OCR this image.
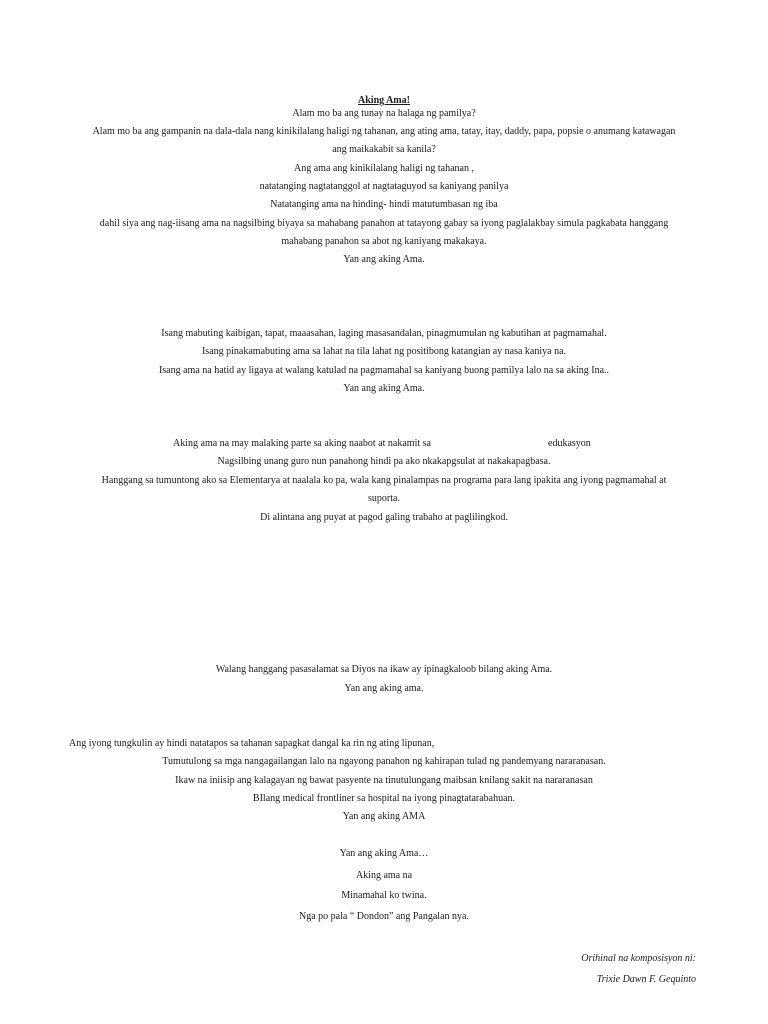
Aking Ama!
Alam mo ba ang tunay na halaga ng pamilya?
Alam mo ba ang gampanin na dala-dala nang kinikilalang haligi ng tahanan, ang ating ama, tatay, itay, daddy, papa, popsie o anumang katawagan
ang maikakabit sa kanila?
Ang ama ang kinikilalang haligi ng tahanan ,
natatanging nagtatanggol at nagtataguyod sa kaniyang panilya
Natatanging ama na hinding- hindi matutumbasan ng iba
dahil siya ang nag-iisang ama na nagsilbing biyaya sa mahabang panahon at tatayong gabay sa iyong paglalakbay simula pagkabata hanggang
mahabang panahon sa abot ng kaniyang makakaya.
Yan ang aking Ama.
Isang mabuting kaibigan, tapat, maaasahan, laging masasandalan, pinagmumulan ng kabutihan at pagmamahal.
Isang pinakamabuting ama sa lahat na tila lahat ng positibong katangian ay nasa kaniya na.
Isang ama na hatid ay ligaya at walang katulad na pagmamahal sa kaniyang buong pamilya lalo na sa aking Ina..
Yan ang aking Ama.
Aking ama na may malaking parte sa aking naabot at nakamit sa	edukasyon
Nagsilbing unang guro nun panahong hindi pa ako nkakapgsulat at nakakapagbasa.
Hanggang sa tumuntong ako sa Elementarya at naalala ko pa, wala kang pinalampas na programa para lang ipakita ang iyong pagmamahal at
suporta.
Di alintana ang puyat at pagod galing trabaho at paglilingkod.
Walang hanggang pasasalamat sa Diyos na ikaw ay ipinagkaloob bilang aking Ama.
Yan ang aking ama.
Ang iyong tungkulin ay hindi natatapos sa tahanan sapagkat dangal ka rin ng ating lipunan,
Tumutulong sa mga nangagailangan lalo na ngayong panahon ng kahirapan tulad ng pandemyang nararanasan.
Ikaw na iniisip ang kalagayan ng bawat pasyente na tinutulungang maibsan knilang sakit na nararanasan
BIlang medical frontliner sa hospital na iyong pinagtatarabahuan.
Yan ang aking AMA
Yan ang aking Ama…
Aking ama na
Minamahal ko twina.
Nga po pala “ Dondon” ang Pangalan nya.
Orihinal na komposisyon ni:
Trixie Dawn F. Gequinto
